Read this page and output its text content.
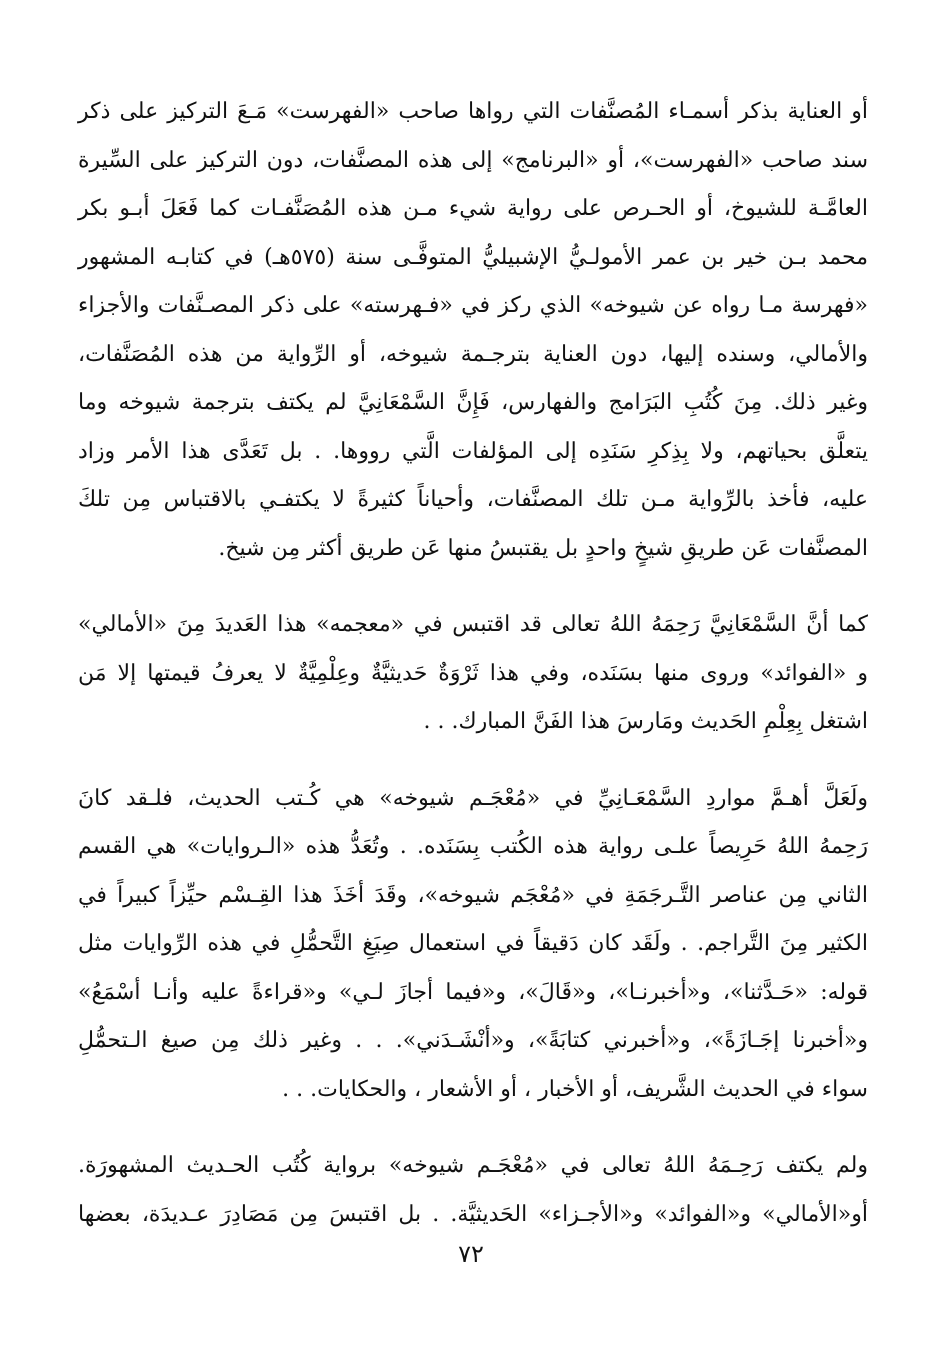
أو العناية بذكر أسمـاء المُصنَّفات التي رواها صاحب «الفهرست» مَـعَ التركيز على ذكر
سند صاحب «الفهرست»، أو «البرنامج» إلى هذه المصنَّفات، دون التركيز على السِّيرة
العامَّـة للشيوخ، أو الحـرص على رواية شيء مـن هذه المُصَنَّفـات كما فَعَلَ أبـو بكر
محمد بـن خير بن عمر الأمولـيُّ الإشبيليُّ المتوفَّـى سنة (٥٧٥هـ) في كتابـه المشهور
«فهرسة مـا رواه عن شيوخه» الذي ركز في «فـهرسته» على ذكر المصـنَّفات والأجزاء
والأمالي، وسنده إليها، دون العناية بترجـمة شيوخه، أو الرِّواية من هذه المُصَنَّفات،
وغير ذلك. مِنَ كُتُبِ البَرَامج والفهارس، فَإِنَّ السَّمْعَانِيَّ لم يكتف بترجمة شيوخه وما
يتعلَّق بحياتهم، ولا بِذِكرِ سَنَدِه إلى المؤلفات الَّتي رووها. . بل تَعَدَّى هذا الأمر وزاد
عليه، فأخذ بالرِّواية مـن تلك المصنَّفات، وأحياناً كثيرةً لا يكتفـي بالاقتباس مِن تلكَ
المصنَّفات عَن طريقِ شيخٍ واحدٍ بل يقتبسُ منها عَن طريق أكثر مِن شيخ.
كما أنَّ السَّمْعَانِيَّ رَحِمَهُ اللهُ تعالى قد اقتبس في «معجمه» هذا العَديدَ مِنَ «الأمالي»
و «الفوائد» وروى منها بسَنَده، وفي هذا ثَرْوَةٌ حَديثيَّةٌ وعِلْمِيَّةٌ لا يعرفُ قيمتها إلا مَن
اشتغل بِعِلْمِ الحَديث ومَارسَ هذا الفَنَّ المبارك. . .
ولَعَلَّ أهـمَّ مواردِ السَّمْعَـانِيِّ في «مُعْجَـم شيوخه» هي كُـتب الحديث، فلـقد كانَ
رَحِمهُ اللهُ حَرِيصاً علـى رواية هذه الكُتب بِسَنَده. . وتُعَدُّ هذه «الـروايات» هي القسم
الثاني مِن عناصر التَّـرجَمَةِ في «مُعْجَم شيوخه»، وقَدَ أخَذَ هذا القِـسْم حيِّزاً كبيراً في
الكثير مِنَ التَّراجم. . ولَقَد كان دَقيقاً في استعمال صِيَغِ التَّحمُّلِ في هذه الرِّوايات مثل
قوله: «حَـدَّثنا»، و«أخبرنـا»، و«قَالَ»، و«فيما أجازَ لـي» و«قراءةً عليه وأنـا أسْمَعُ»
و«أخبرنا إجَـازَةً»، و«أخبرني كتابَةً»، و«أنْشَـدَني». . . وغير ذلك مِن صيغ الـتحمُّلِ
سواء في الحديث الشَّريف، أو الأخبار ، أو الأشعار ، والحكايات. . .
ولم يكتف رَحِـمَهُ اللهُ تعالى في «مُعْجَـم شيوخه» برواية كُتُب الحـديث المشهورَة.
أو«الأمالي» و«الفوائد» و«الأجـزاء» الحَديثيَّة. . بل اقتبسَ مِن مَصَادِرَ عـديدَة، بعضها
٧٢
